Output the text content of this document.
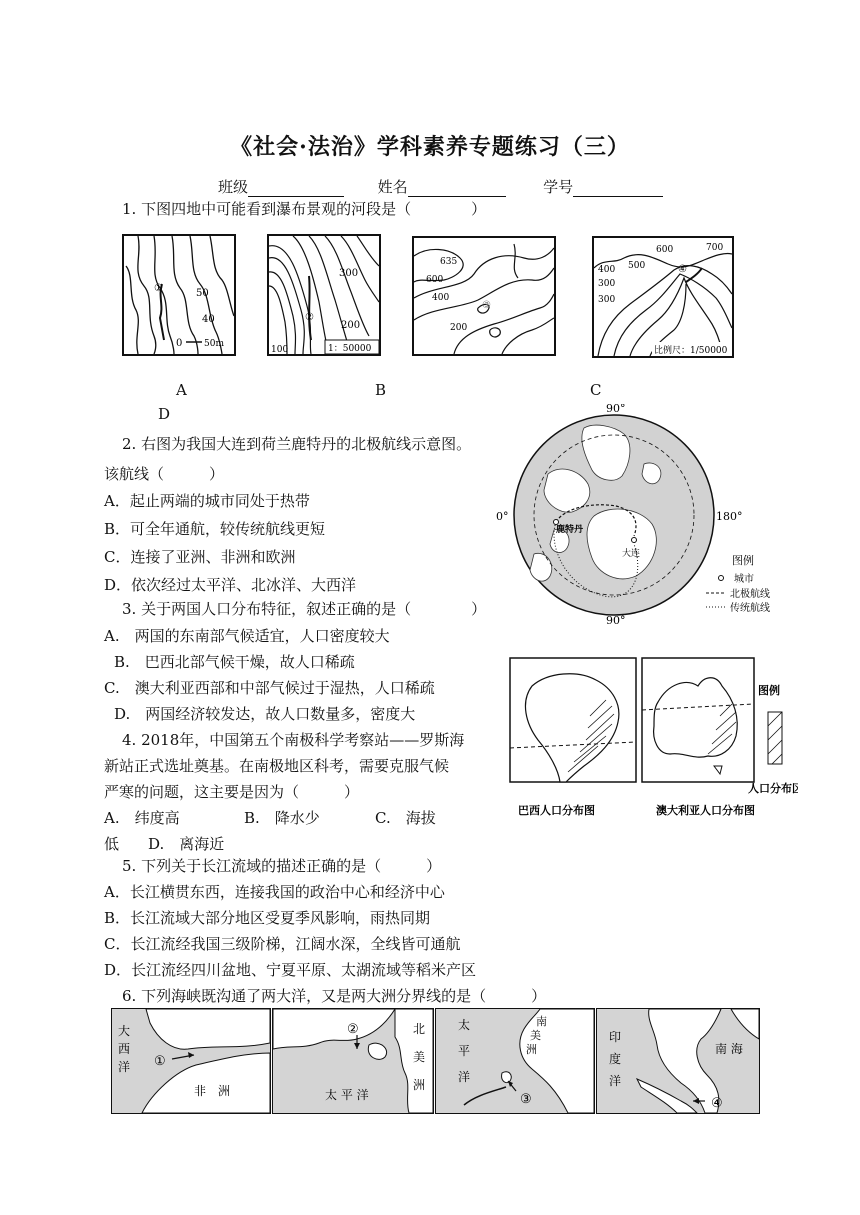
《社会·法治》学科素养专题练习（三）
班级	姓名	学号
1. 下图四地中可能看到瀑布景观的河段是（　　　　）
①	50
40
0 50m
②
300
200
100	1：50000
635
600
400
200
③
600	700
400 500
300
300
④
比例尺：1/50000
A	B	C
D
2. 右图为我国大连到荷兰鹿特丹的北极航线示意图。
该航线（　　　）
A．起止两端的城市同处于热带
B．可全年通航，较传统航线更短
C．连接了亚洲、非洲和欧洲
D．依次经过太平洋、北冰洋、大西洋
90°
90°
0°	180°
鹿特丹
大连	图例
城市
北极航线
传统航线
3. 关于两国人口分布特征，叙述正确的是（　　　　）
A.　两国的东南部气候适宜，人口密度较大
B.　巴西北部气候干燥，故人口稀疏
C.　澳大利亚西部和中部气候过于湿热，人口稀疏
D.　两国经济较发达，故人口数量多，密度大
图例
人口分布区
巴西人口分布图	澳大利亚人口分布图
4. 2018年，中国第五个南极科学考察站——罗斯海
新站正式选址奠基。在南极地区科考，需要克服气候
严寒的问题，这主要是因为（　　　）
A.　纬度高	B.　降水少	C.　海拔
低 D.　离海近
5. 下列关于长江流域的描述正确的是（　　　）
A．长江横贯东西，连接我国的政治中心和经济中心
B．长江流域大部分地区受夏季风影响，雨热同期
C．长江流经我国三级阶梯，江阔水深，全线皆可通航
D．长江流经四川盆地、宁夏平原、太湖流域等稻米产区
6. 下列海峡既沟通了两大洋，又是两大洲分界线的是（　　　）
大
西
洋 ①
非　洲
②	北
美
洲
太 平 洋
太
平
洋
南
美
洲
③
印
度
洋
南 海
④
